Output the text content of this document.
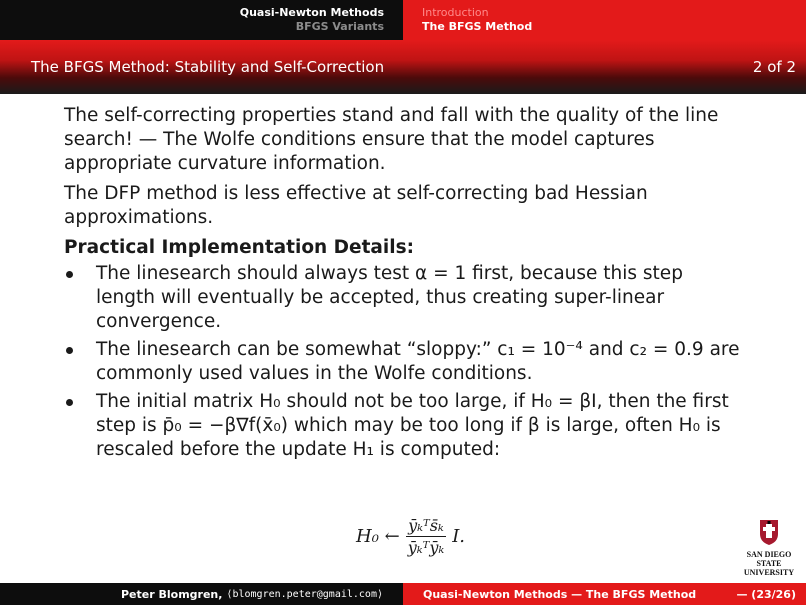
Quasi-Newton Methods
BFGS Variants
Introduction
The BFGS Method
The BFGS Method: Stability and Self-Correction	2 of 2

The self-correcting properties stand and fall with the quality of the line search! — The Wolfe conditions ensure that the model captures appropriate curvature information.

The DFP method is less effective at self-correcting bad Hessian approximations.

Practical Implementation Details:
The linesearch should always test α = 1 first, because this step length will eventually be accepted, thus creating super-linear convergence.
The linesearch can be somewhat “sloppy:” c₁ = 10⁻⁴ and c₂ = 0.9 are commonly used values in the Wolfe conditions.
The initial matrix H₀ should not be too large, if H₀ = βI, then the first step is p̄₀ = −β∇f(x̄₀) which may be too long if β is large, often H₀ is rescaled before the update H₁ is computed:
H₀ ← $\frac{\text{ȳₖᵀs̄ₖ}}{\text{ȳₖᵀȳₖ}} I$.
SAN DIEGO STATE
UNIVERSITY
Peter Blomgren, ⟨blomgren.peter@gmail.com⟩	Quasi-Newton Methods — The BFGS Method	— (23/26)
